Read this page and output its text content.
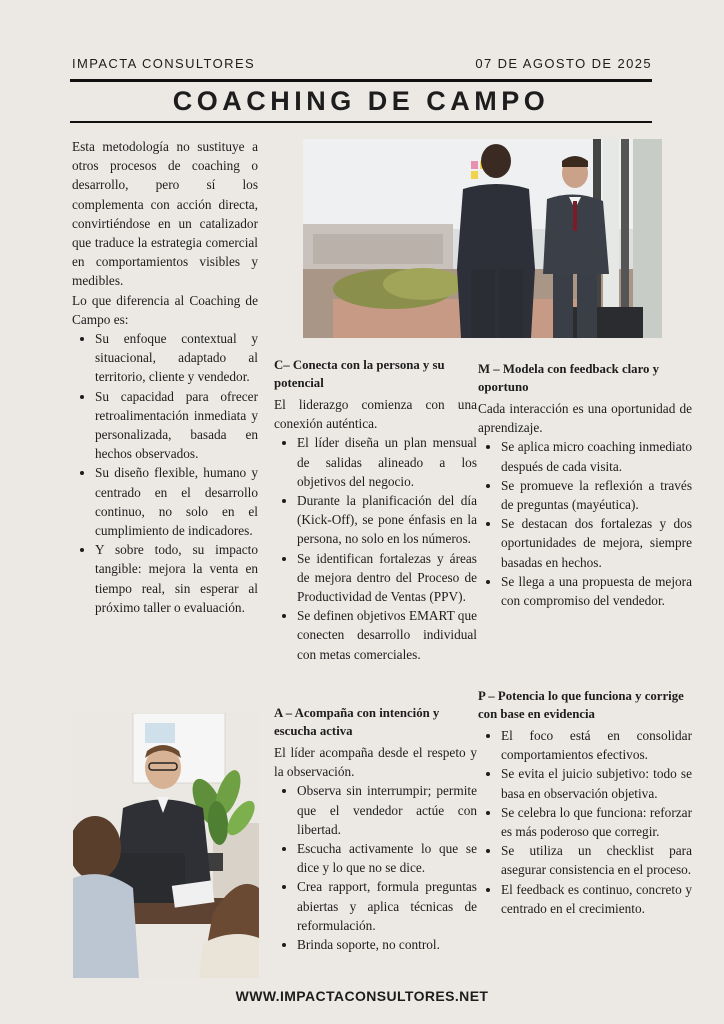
IMPACTA CONSULTORES	07 DE AGOSTO DE 2025
COACHING DE CAMPO

Esta metodología no sustituye a otros procesos de coaching o desarrollo, pero sí los complementa con acción directa, convirtiéndose en un catalizador que traduce la estrategia comercial en comportamientos visibles y medibles.

Lo que diferencia al Coaching de Campo es:

• Su enfoque contextual y situacional, adaptado al territorio, cliente y vendedor.
• Su capacidad para ofrecer retroalimentación inmediata y personalizada, basada en hechos observados.
• Su diseño flexible, humano y centrado en el desarrollo continuo, no solo en el cumplimiento de indicadores.
• Y sobre todo, su impacto tangible: mejora la venta en tiempo real, sin esperar al próximo taller o evaluación.
C– Conecta con la persona y su potencial

El liderazgo comienza con una conexión auténtica.

• El líder diseña un plan mensual de salidas alineado a los objetivos del negocio.
• Durante la planificación del día (Kick-Off), se pone énfasis en la persona, no solo en los números.
• Se identifican fortalezas y áreas de mejora dentro del Proceso de Productividad de Ventas (PPV).
• Se definen objetivos EMART que conecten desarrollo individual con metas comerciales.
A – Acompaña con intención y escucha activa

El líder acompaña desde el respeto y la observación.

• Observa sin interrumpir; permite que el vendedor actúe con libertad.
• Escucha activamente lo que se dice y lo que no se dice.
• Crea rapport, formula preguntas abiertas y aplica técnicas de reformulación.
• Brinda soporte, no control.
M – Modela con feedback claro y oportuno

Cada interacción es una oportunidad de aprendizaje.

• Se aplica micro coaching inmediato después de cada visita.
• Se promueve la reflexión a través de preguntas (mayéutica).
• Se destacan dos fortalezas y dos oportunidades de mejora, siempre basadas en hechos.
• Se llega a una propuesta de mejora con compromiso del vendedor.
P – Potencia lo que funciona y corrige con base en evidencia
• El foco está en consolidar comportamientos efectivos.
• Se evita el juicio subjetivo: todo se basa en observación objetiva.
• Se celebra lo que funciona: reforzar es más poderoso que corregir.
• Se utiliza un checklist para asegurar consistencia en el proceso.
• El feedback es continuo, concreto y centrado en el crecimiento.
WWW.IMPACTACONSULTORES.NET
